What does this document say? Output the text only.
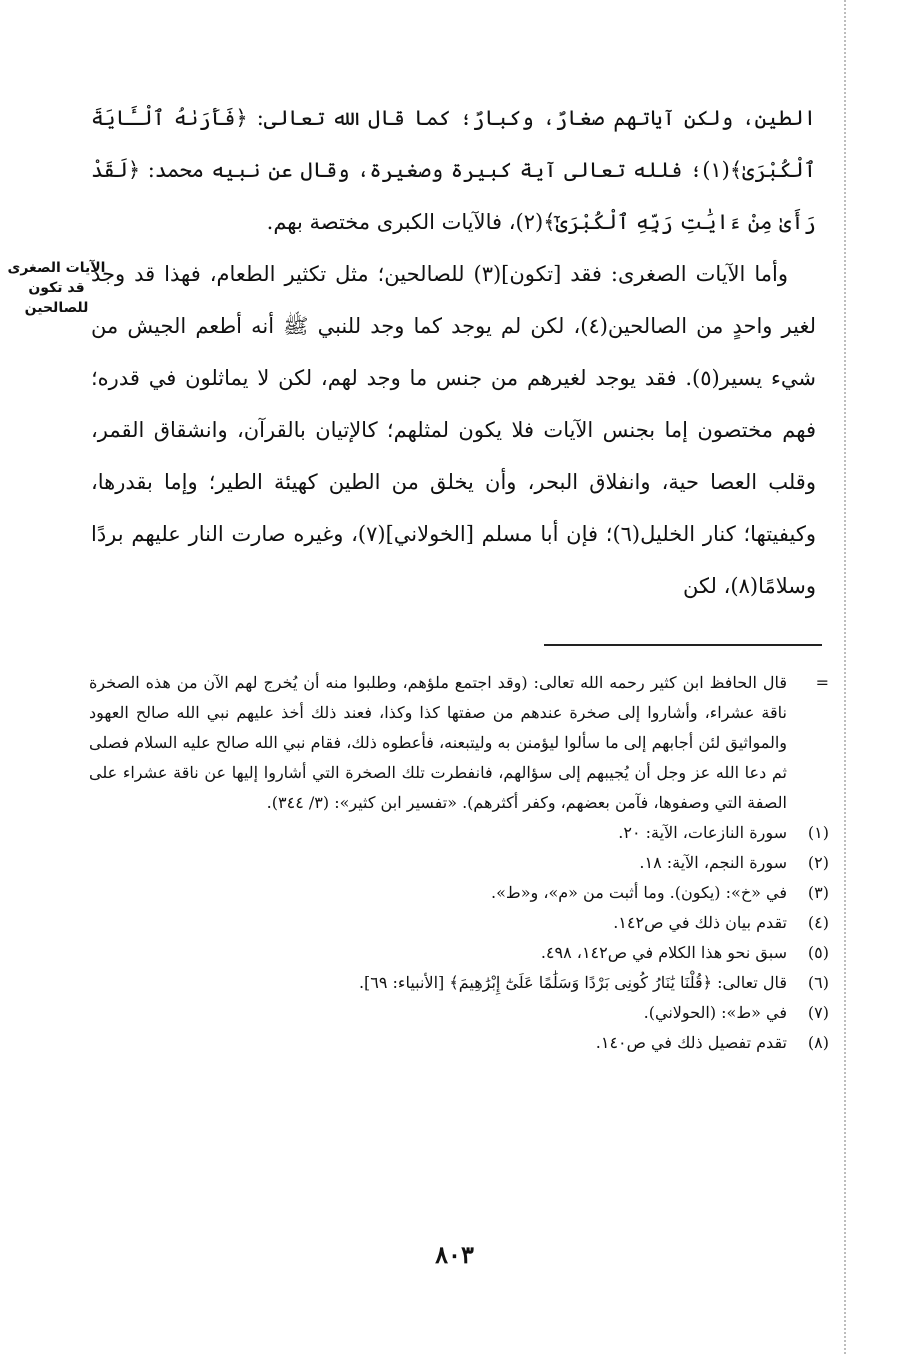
الآيات الصغرى قد تكون للصالحين

الطين، ولكن آياتهم صغارٌ، وكبارٌ؛ كما قال الله تعالى: ﴿فَأَرَىٰهُ ٱلْـَٔايَةَ ٱلْكُبْرَىٰ﴾(١)؛ فلله تعالى آية كبيرة وصغيرة، وقال عن نبيه محمد: ﴿لَقَدْ رَأَىٰ مِنْ ءَايَٰتِ رَبِّهِ ٱلْكُبْرَىٰٓ﴾(٢)، فالآيات الكبرى مختصة بهم.

وأما الآيات الصغرى: فقد [تكون](٣) للصالحين؛ مثل تكثير الطعام، فهذا قد وجد لغير واحدٍ من الصالحين(٤)، لكن لم يوجد كما وجد للنبي ﷺ أنه أطعم الجيش من شيء يسير(٥). فقد يوجد لغيرهم من جنس ما وجد لهم، لكن لا يماثلون في قدره؛ فهم مختصون إما بجنس الآيات فلا يكون لمثلهم؛ كالإتيان بالقرآن، وانشقاق القمر، وقلب العصا حية، وانفلاق البحر، وأن يخلق من الطين كهيئة الطير؛ وإما بقدرها، وكيفيتها؛ كنار الخليل(٦)؛ فإن أبا مسلم [الخولاني](٧)، وغيره صارت النار عليهم بردًا وسلامًا(٨)، لكن

=
قال الحافظ ابن كثير رحمه الله تعالى: (وقد اجتمع ملؤهم، وطلبوا منه أن يُخرج لهم الآن من هذه الصخرة ناقة عشراء، وأشاروا إلى صخرة عندهم من صفتها كذا وكذا، فعند ذلك أخذ عليهم نبي الله صالح العهود والمواثيق لئن أجابهم إلى ما سألوا ليؤمنن به وليتبعنه، فأعطوه ذلك، فقام نبي الله صالح عليه السلام فصلى ثم دعا الله عز وجل أن يُجيبهم إلى سؤالهم، فانفطرت تلك الصخرة التي أشاروا إليها عن ناقة عشراء على الصفة التي وصفوها، فآمن بعضهم، وكفر أكثرهم). «تفسير ابن كثير»: (٣/ ٣٤٤).
(١)
سورة النازعات، الآية: ٢٠.
(٢)
سورة النجم، الآية: ١٨.
(٣)
في «خ»: (يكون). وما أثبت من «م»، و«ط».
(٤)
تقدم بيان ذلك في ص١٤٢.
(٥)
سبق نحو هذا الكلام في ص١٤٢، ٤٩٨.
(٦)
قال تعالى: ﴿قُلْنَا يَٰنَارُ كُونِى بَرْدًا وَسَلَٰمًا عَلَىٰٓ إِبْرَٰهِيمَ﴾ [الأنبياء: ٦٩].
(٧)
في «ط»: (الحولاني).
(٨)
تقدم تفصيل ذلك في ص١٤٠.
٨٠٣
